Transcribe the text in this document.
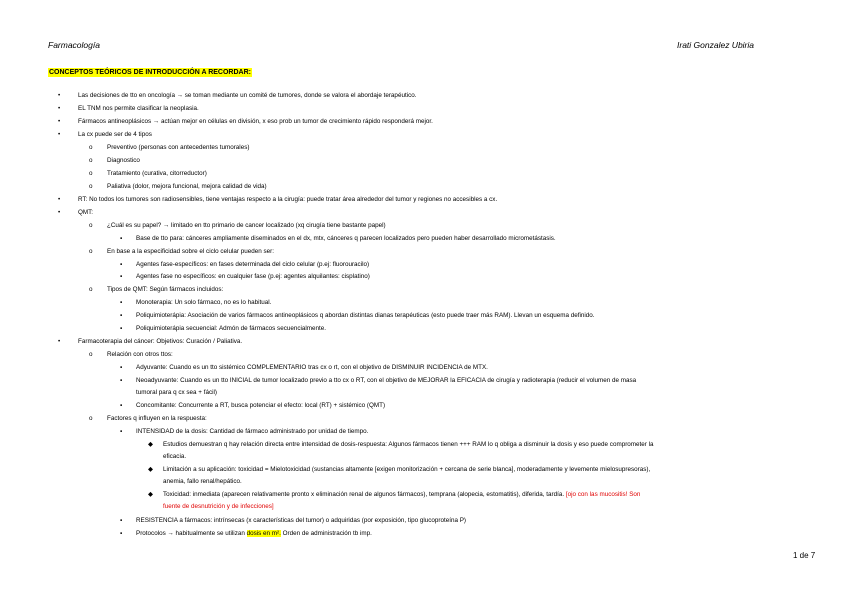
Farmacología	Irati Gonzalez Ubiria
CONCEPTOS TEÓRICOS DE INTRODUCCIÓN A RECORDAR:
•	Las decisiones de tto en oncología → se toman mediante un comité de tumores, donde se valora el abordaje terapéutico.
•	EL TNM nos permite clasificar la neoplasia.
•	Fármacos antineoplásicos → actúan mejor en células en división, x eso prob un tumor de crecimiento rápido responderá mejor.
•	La cx puede ser de 4 tipos
o Preventivo (personas con antecedentes tumorales)
o Diagnostico
o Tratamiento (curativa, citorreductor)
o Paliativa (dolor, mejora funcional, mejora calidad de vida)
•	RT: No todos los tumores son radiosensibles, tiene ventajas respecto a la cirugía: puede tratar área alrededor del tumor y regiones no accesibles a cx.
•	QMT:
o ¿Cuál es su papel? → limitado en tto primario de cancer localizado (xq cirugía tiene bastante papel)
▪ Base de tto para: cánceres ampliamente diseminados en el dx, mtx, cánceres q parecen localizados pero pueden haber desarrollado micrometástasis.
o En base a la especificidad sobre el ciclo celular pueden ser:
▪ Agentes fase-específicos: en fases determinada del ciclo celular (p.ej: fluorouracilo)
▪ Agentes fase no específicos: en cualquier fase (p.ej: agentes alquilantes: cisplatino)
o Tipos de QMT: Según fármacos incluidos:
▪ Monoterapia: Un solo fármaco, no es lo habitual.
▪ Poliquimioterápia: Asociación de varios fármacos antineoplásicos q abordan distintas dianas terapéuticas (esto puede traer más RAM). Llevan un esquema definido.
▪ Poliquimioterápia secuencial: Admón de fármacos secuencialmente.
•	Farmacoterapia del cáncer: Objetivos: Curación / Paliativa.
o Relación con otros ttos:
▪ Adyuvante: Cuando es un tto sistémico COMPLEMENTARIO tras cx o rt, con el objetivo de DISMINUIR INCIDENCIA de MTX.
▪ Neoadyuvante: Cuando es un tto INICIAL de tumor localizado previo a tto cx o RT, con el objetivo de MEJORAR la EFICACIA de cirugía y radioterapia (reducir el volumen de masa
tumoral para q cx sea + fácil)
▪ Concomitante: Concurrente a RT, busca potenciar el efecto: local (RT) + sistémico (QMT)
o Factores q influyen en la respuesta:
▪ INTENSIDAD de la dosis: Cantidad de fármaco administrado por unidad de tiempo.
◆ Estudios demuestran q hay relación directa entre intensidad de dosis-respuesta: Algunos fármacos tienen +++ RAM lo q obliga a disminuir la dosis y eso puede comprometer la
eficacia.
◆ Limitación a su aplicación: toxicidad = Mielotoxicidad (sustancias altamente [exigen monitorización + cercana de serie blanca], moderadamente y levemente mielosupresoras),
anemia, fallo renal/hepático.
◆ Toxicidad: inmediata (aparecen relativamente pronto x eliminación renal de algunos fármacos), temprana (alopecia, estomatitis), diferida, tardía. [ojo con las mucositis! Son
fuente de desnutrición y de infecciones]
▪ RESISTENCIA a fármacos: intrínsecas (x características del tumor) o adquiridas (por exposición, tipo glucoproteína P)
▪ Protocolos → habitualmente se utilizan dosis en m². Orden de administración tb imp.
1 de 7
